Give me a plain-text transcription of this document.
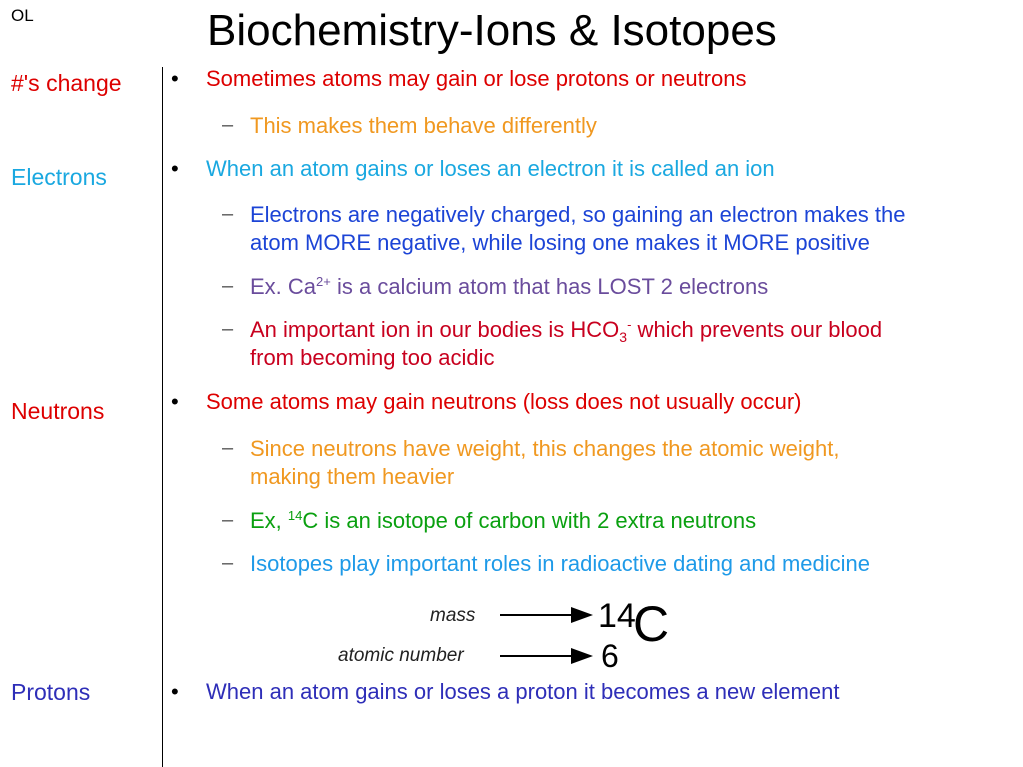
OL	Biochemistry-Ions & Isotopes
#'s change
Electrons
Neutrons
Protons
• Sometimes atoms may gain or lose protons or neutrons
– This makes them behave differently
• When an atom gains or loses an electron it is called an ion
– Electrons are negatively charged, so gaining an electron makes the
atom MORE negative, while losing one makes it MORE positive
– Ex. $Ca^{2+}$ is a calcium atom that has LOST 2 electrons
– An important ion in our bodies is $HCO_3^-$ which prevents our blood
from becoming too acidic
• Some atoms may gain neutrons (loss does not usually occur)
– Since neutrons have weight, this changes the atomic weight,
making them heavier
– Ex, $^{14}$C is an isotope of carbon with 2 extra neutrons
– Isotopes play important roles in radioactive dating and medicine
mass	14
C
atomic number	6
• When an atom gains or loses a proton it becomes a new element
